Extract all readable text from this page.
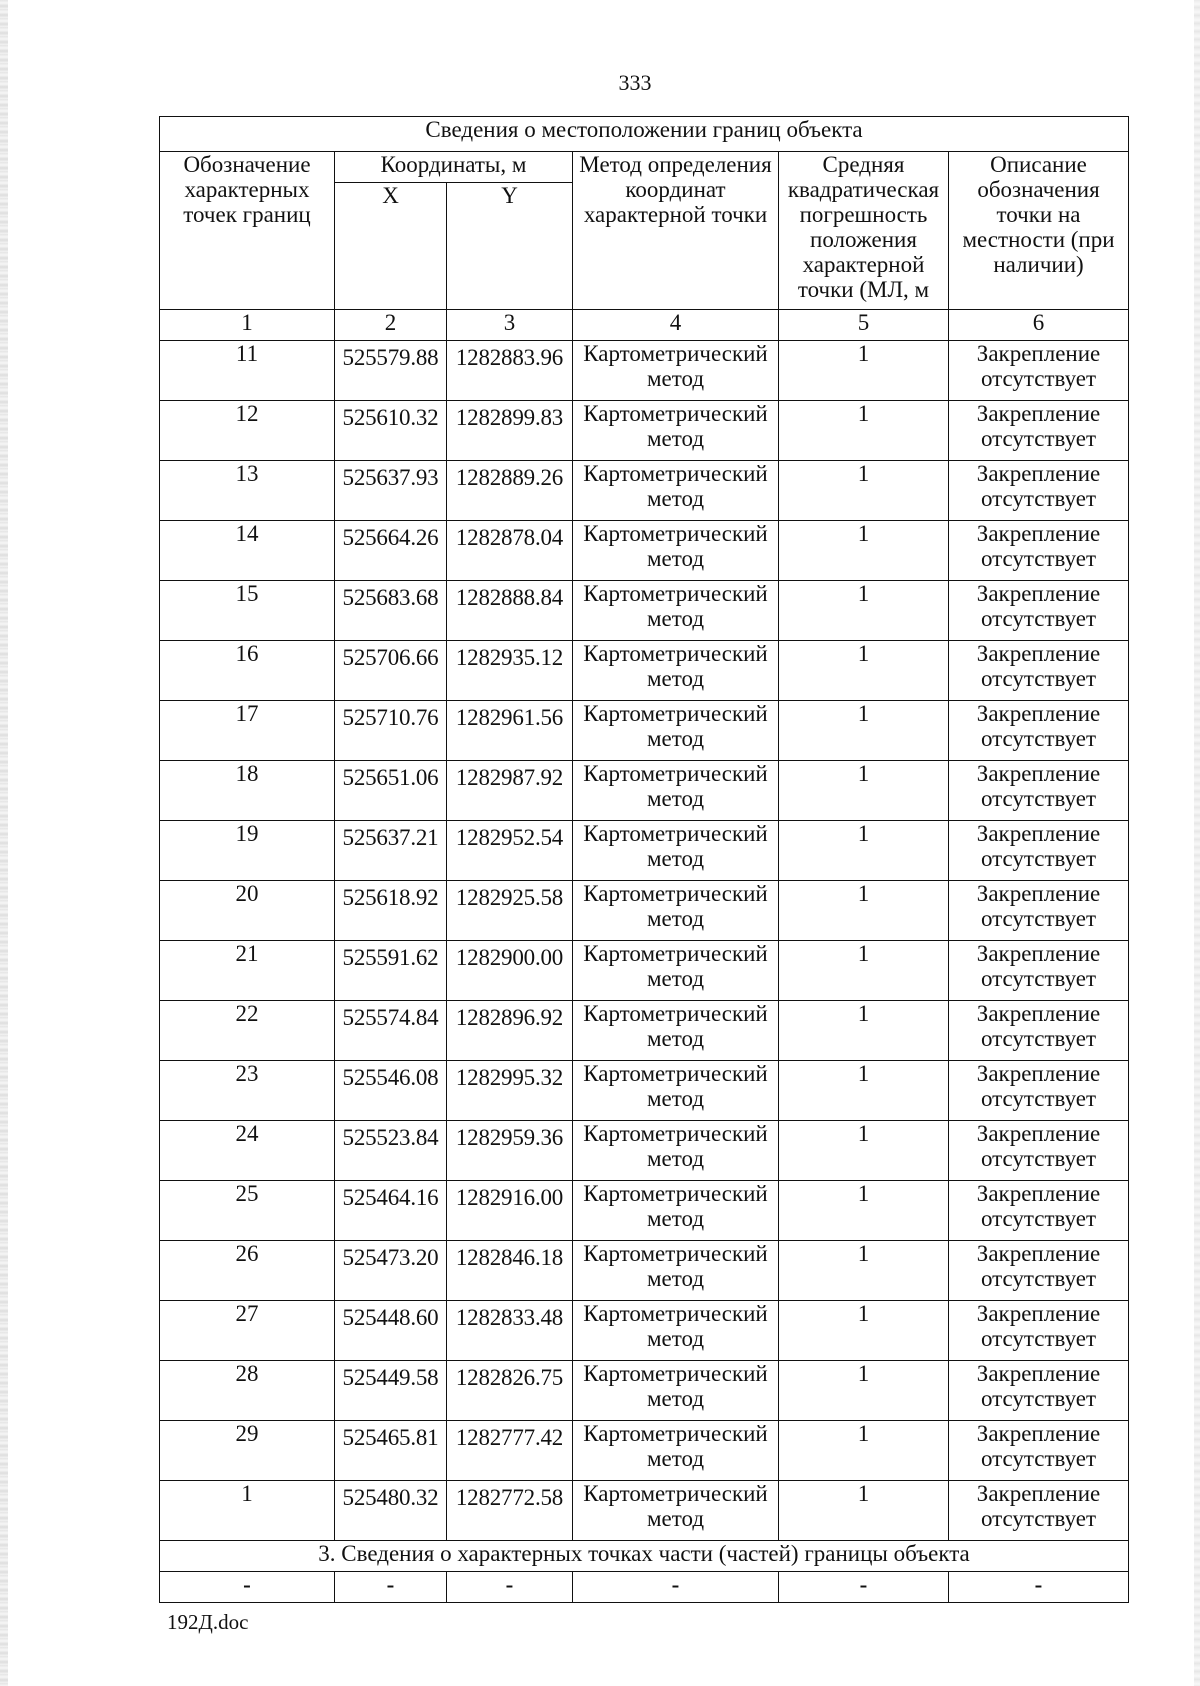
333
Сведения о местоположении границ объекта					
Обозначение характерных точек границ	Координаты, м		Метод определения координат характерной точки	Средняя квадратическая погрешность положения характерной точки (МЛ, м	Описание обозначения точки на местности (при наличии)
	X	Y			
1	2	3	4	5	6
11	525579.88	1282883.96	Картометрический метод	1	Закрепление отсутствует
12	525610.32	1282899.83	Картометрический метод	1	Закрепление отсутствует
13	525637.93	1282889.26	Картометрический метод	1	Закрепление отсутствует
14	525664.26	1282878.04	Картометрический метод	1	Закрепление отсутствует
15	525683.68	1282888.84	Картометрический метод	1	Закрепление отсутствует
16	525706.66	1282935.12	Картометрический метод	1	Закрепление отсутствует
17	525710.76	1282961.56	Картометрический метод	1	Закрепление отсутствует
18	525651.06	1282987.92	Картометрический метод	1	Закрепление отсутствует
19	525637.21	1282952.54	Картометрический метод	1	Закрепление отсутствует
20	525618.92	1282925.58	Картометрический метод	1	Закрепление отсутствует
21	525591.62	1282900.00	Картометрический метод	1	Закрепление отсутствует
22	525574.84	1282896.92	Картометрический метод	1	Закрепление отсутствует
23	525546.08	1282995.32	Картометрический метод	1	Закрепление отсутствует
24	525523.84	1282959.36	Картометрический метод	1	Закрепление отсутствует
25	525464.16	1282916.00	Картометрический метод	1	Закрепление отсутствует
26	525473.20	1282846.18	Картометрический метод	1	Закрепление отсутствует
27	525448.60	1282833.48	Картометрический метод	1	Закрепление отсутствует
28	525449.58	1282826.75	Картометрический метод	1	Закрепление отсутствует
29	525465.81	1282777.42	Картометрический метод	1	Закрепление отсутствует
1	525480.32	1282772.58	Картометрический метод	1	Закрепление отсутствует
3. Сведения о характерных точках части (частей) границы объекта					
-	-	-	-	-	-
192Д.doc
